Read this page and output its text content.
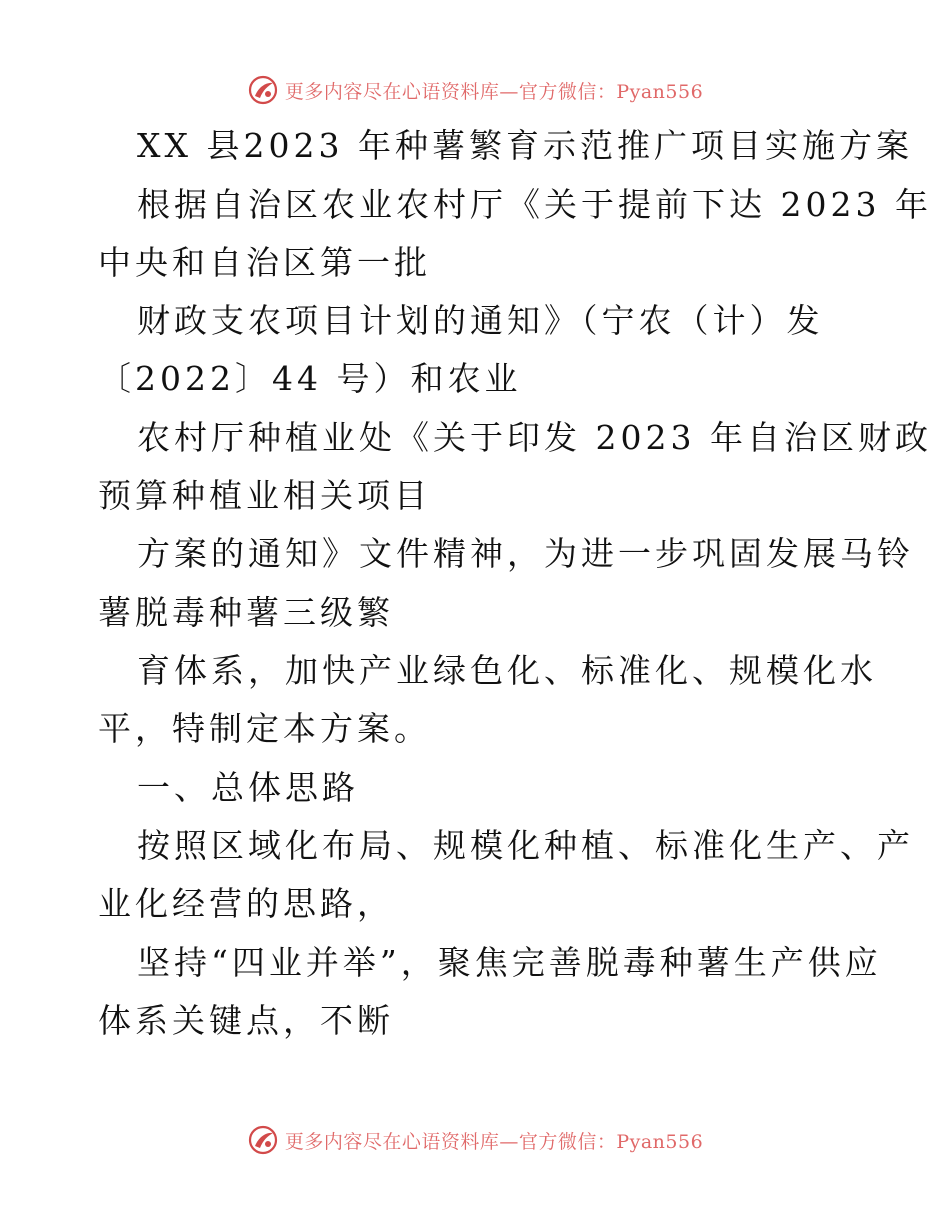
更多内容尽在心语资料库—官方微信：Pyan556
XX 县2023 年种薯繁育示范推广项目实施方案
根据自治区农业农村厅《关于提前下达 2023 年
中央和自治区第一批
财政支农项目计划的通知》（宁农（计）发
〔2022〕44 号）和农业
农村厅种植业处《关于印发 2023 年自治区财政
预算种植业相关项目
方案的通知》文件精神，为进一步巩固发展马铃
薯脱毒种薯三级繁
育体系，加快产业绿色化、标准化、规模化水
平，特制定本方案。
一、总体思路
按照区域化布局、规模化种植、标准化生产、产
业化经营的思路，
坚持“四业并举”，聚焦完善脱毒种薯生产供应
体系关键点，不断
更多内容尽在心语资料库—官方微信：Pyan556
